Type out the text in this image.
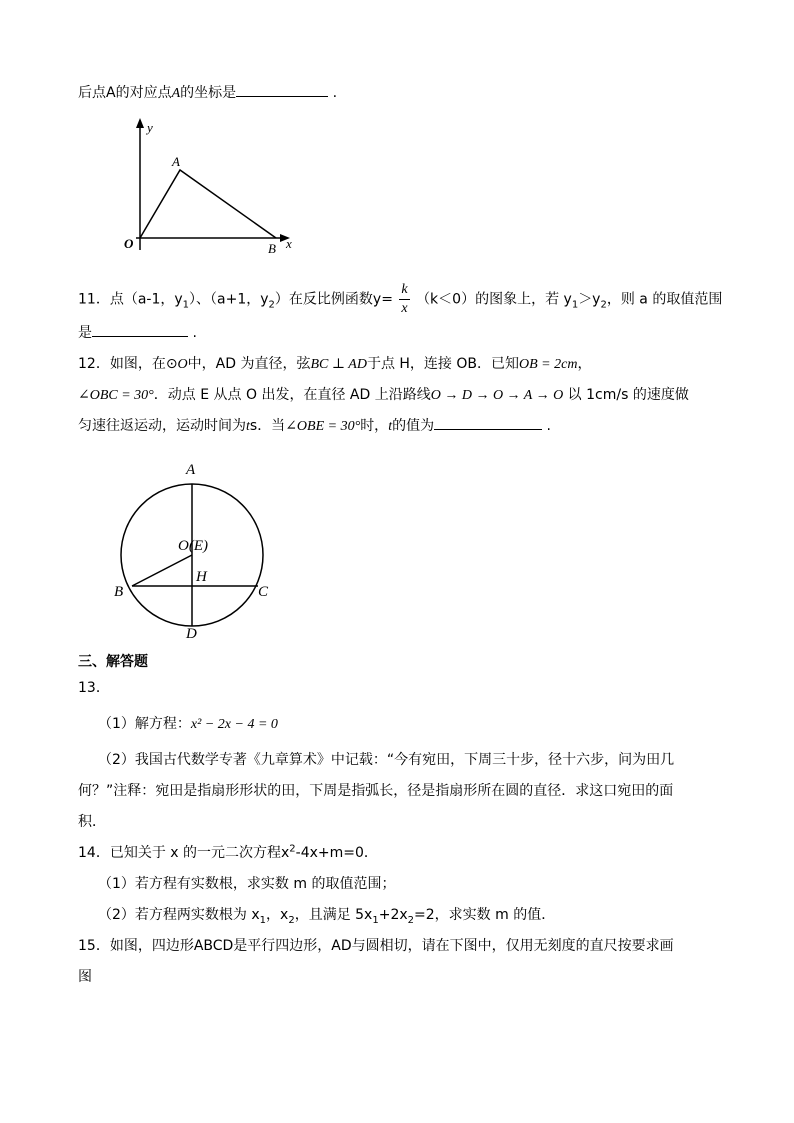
后点A的对应点A的坐标是	.
y
A
O	B x
11．点（a-1，$y_1$）、（a+1，$y_2$）在反比例函数$y= \frac{k}{x} (k<0)$的图象上，若 $y_1>y_2$，则 a 的取值范围
是	.
12．如图，在⊙O中，AD 为直径，弦BC ⊥ AD于点 H，连接 OB．已知OB = 2cm，
∠OBC = 30°．动点 E 从点 O 出发，在直径 AD 上沿路线O → D → O → A → O 以 1cm/s 的速度做
匀速往返运动，运动时间为ts．当∠OBE = 30°时，t的值为	.
A
O(E)
H
B	C
D
三、解答题
13．
（1）解方程：x² − 2x − 4 = 0
（2）我国古代数学专著《九章算术》中记载：“今有宛田，下周三十步，径十六步，问为田几
何？”注释：宛田是指扇形形状的田，下周是指弧长，径是指扇形所在圆的直径．求这口宛田的面
积．
14．已知关于 x 的一元二次方程$x^2-4x+m=0$．
（1）若方程有实数根，求实数 m 的取值范围；
（2）若方程两实数根为 $x_1$，$x_2$，且满足 $5x_1+2x_2=2$，求实数 m 的值．
15．如图，四边形ABCD是平行四边形，AD与圆相切，请在下图中，仅用无刻度的直尺按要求画
图
